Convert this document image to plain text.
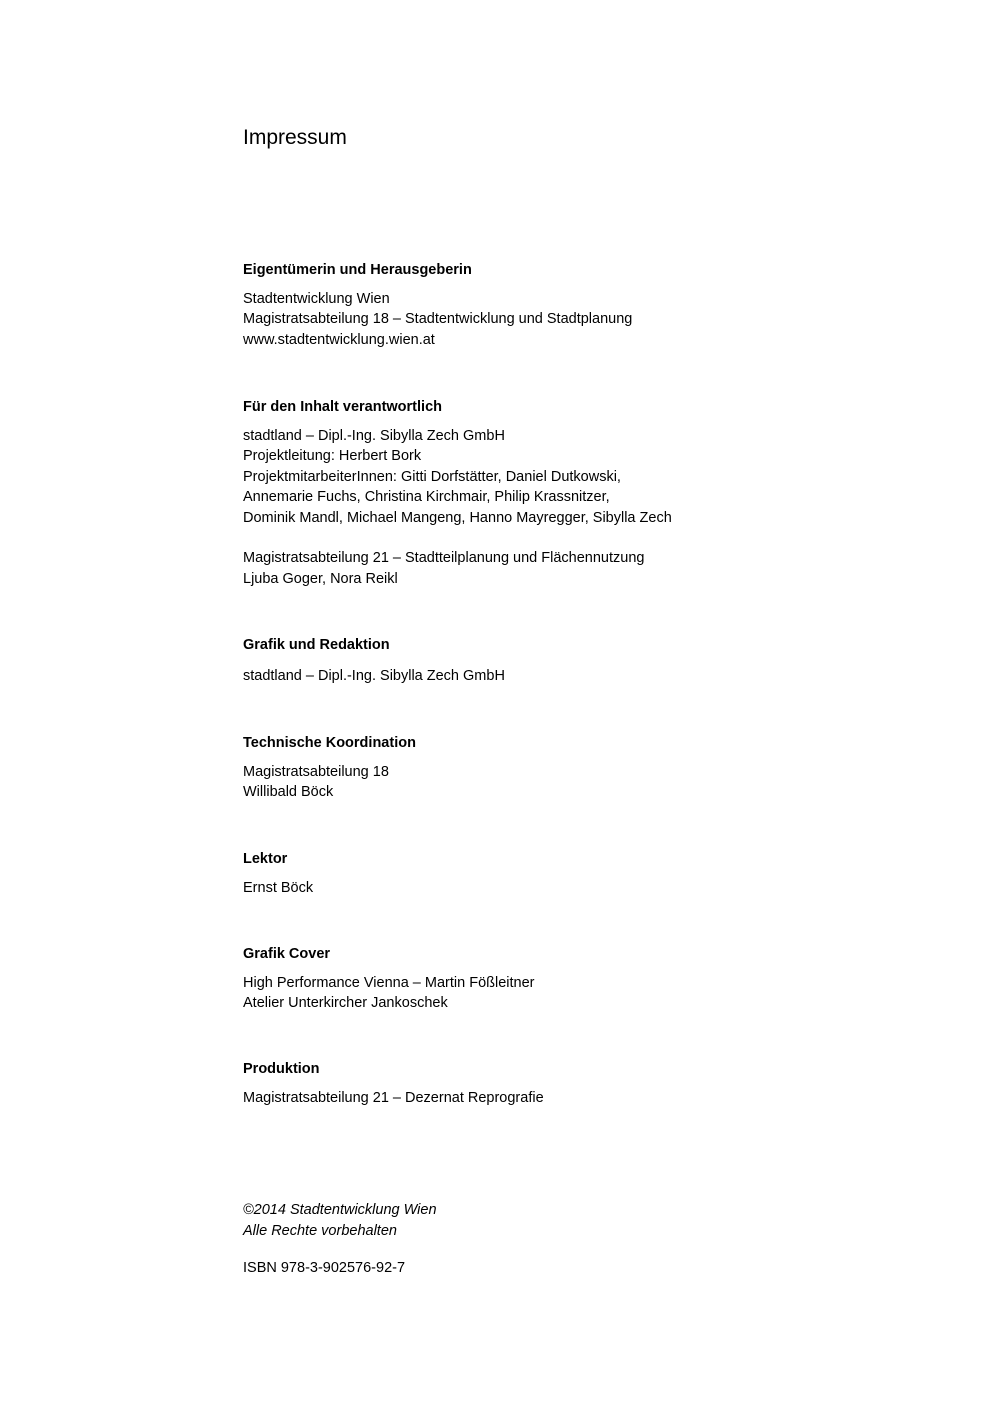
Impressum
Eigentümerin und Herausgeberin
Stadtentwicklung Wien
Magistratsabteilung 18 – Stadtentwicklung und Stadtplanung
www.stadtentwicklung.wien.at
Für den Inhalt verantwortlich
stadtland – Dipl.-Ing. Sibylla Zech GmbH
Projektleitung: Herbert Bork
ProjektmitarbeiterInnen: Gitti Dorfstätter, Daniel Dutkowski,
Annemarie Fuchs, Christina Kirchmair, Philip Krassnitzer,
Dominik Mandl, Michael Mangeng, Hanno Mayregger, Sibylla Zech
Magistratsabteilung 21 – Stadtteilplanung und Flächennutzung
Ljuba Goger, Nora Reikl
Grafik und Redaktion
stadtland – Dipl.-Ing. Sibylla Zech GmbH
Technische Koordination
Magistratsabteilung 18
Willibald Böck
Lektor
Ernst Böck
Grafik Cover
High Performance Vienna – Martin Fößleitner
Atelier Unterkircher Jankoschek
Produktion
Magistratsabteilung 21 – Dezernat Reprografie
©2014 Stadtentwicklung Wien
Alle Rechte vorbehalten
ISBN 978-3-902576-92-7
